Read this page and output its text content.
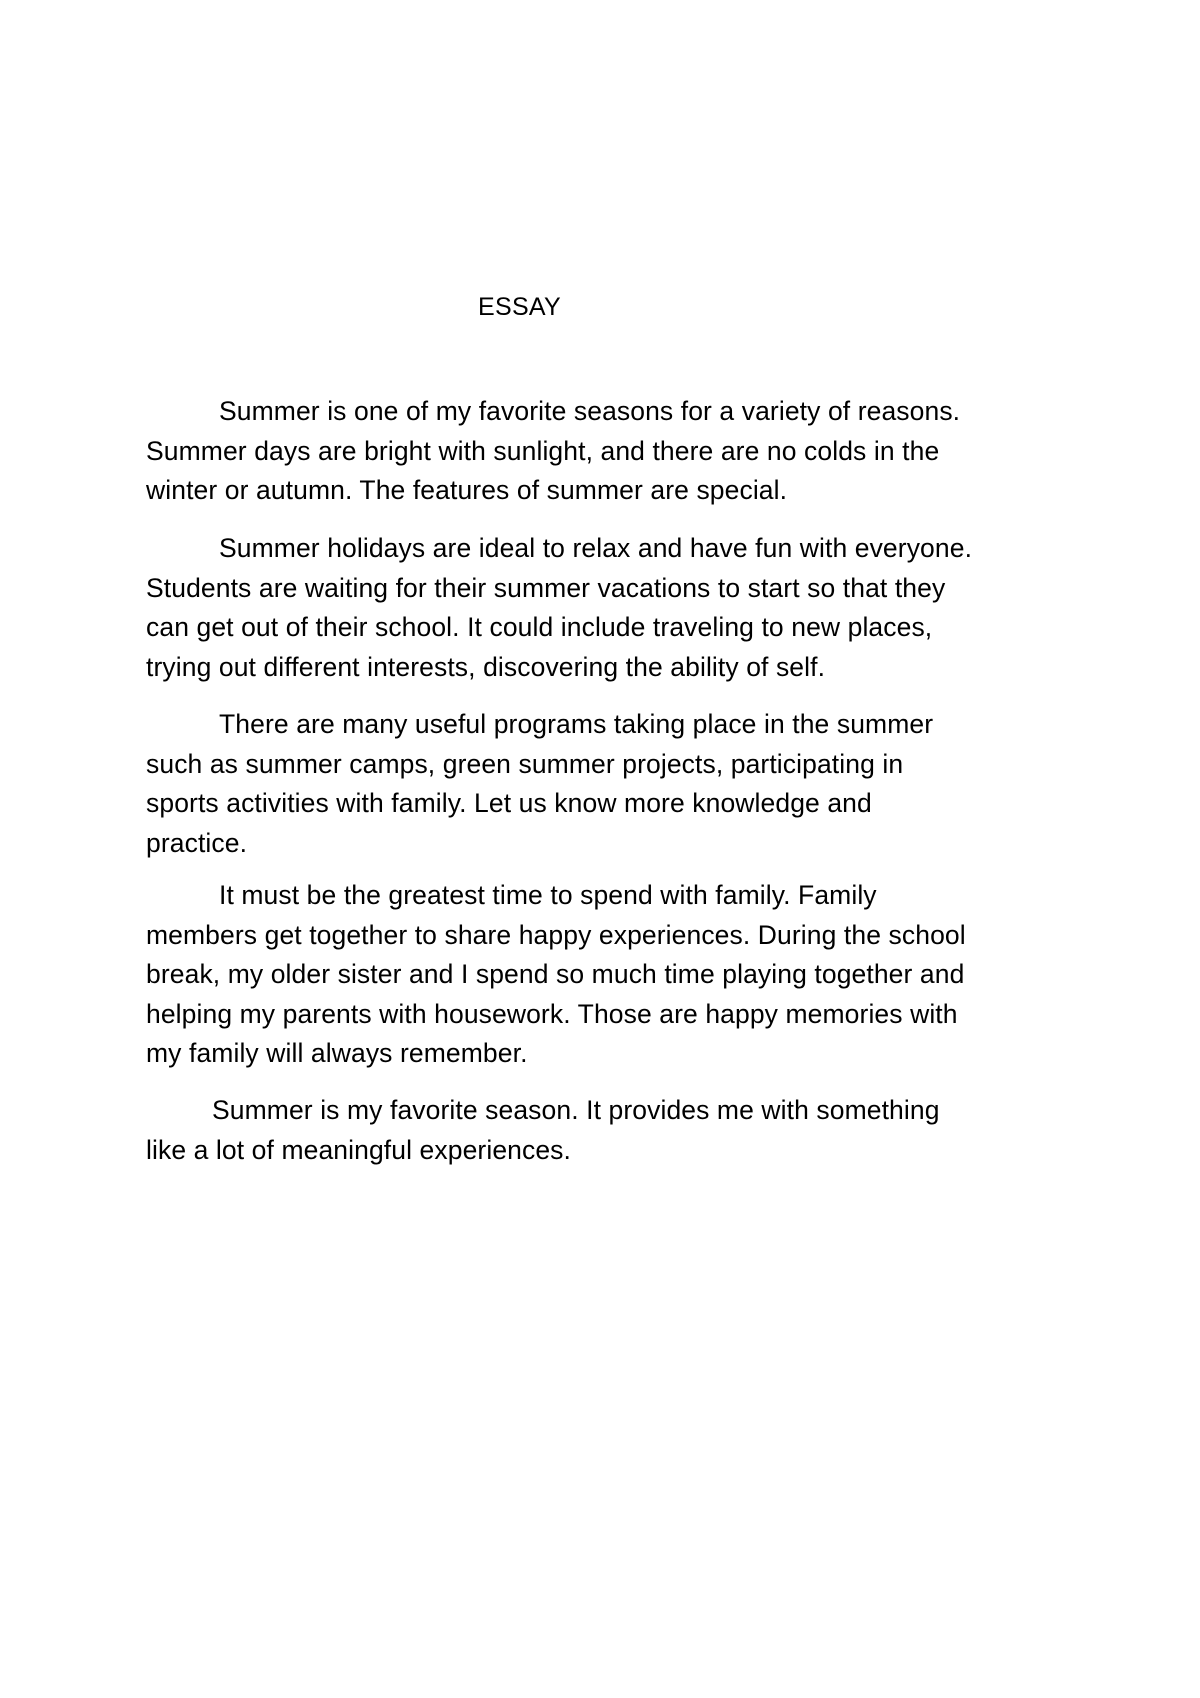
ESSAY

Summer is one of my favorite seasons for a variety of reasons.
Summer days are bright with sunlight, and there are no colds in the
winter or autumn. The features of summer are special.

Summer holidays are ideal to relax and have fun with everyone.
Students are waiting for their summer vacations to start so that they
can get out of their school. It could include traveling to new places,
trying out different interests, discovering the ability of self.

There are many useful programs taking place in the summer
such as summer camps, green summer projects, participating in
sports activities with family. Let us know more knowledge and
practice.

It must be the greatest time to spend with family. Family
members get together to share happy experiences. During the school
break, my older sister and I spend so much time playing together and
helping my parents with housework. Those are happy memories with
my family will always remember.

Summer is my favorite season. It provides me with something
like a lot of meaningful experiences.
